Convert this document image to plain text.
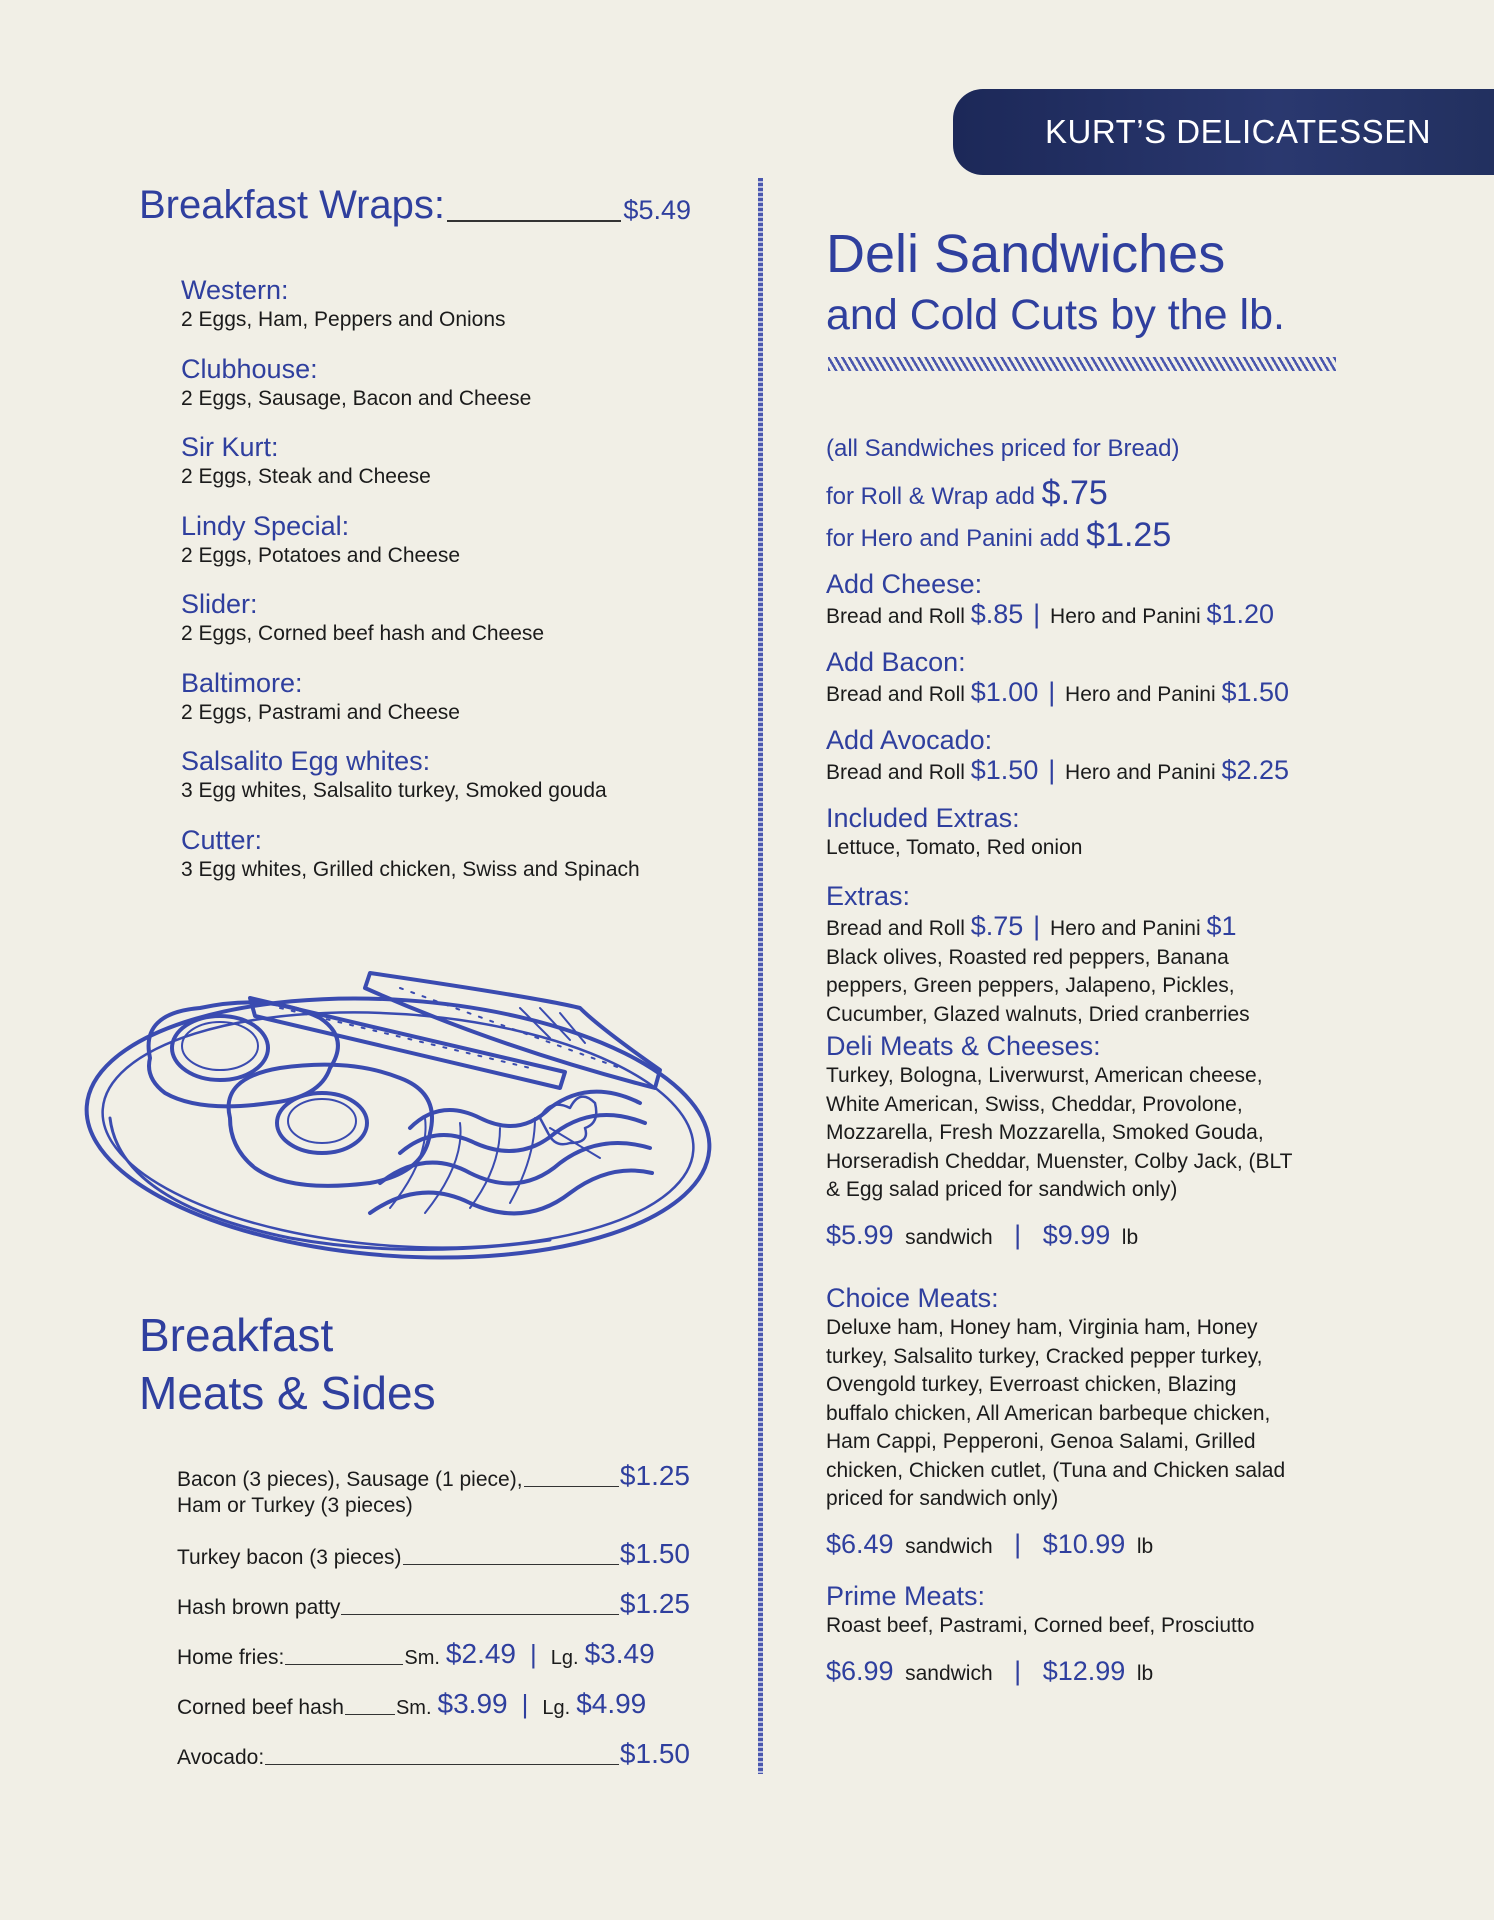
KURT’S DELICATESSEN
Breakfast Wraps:	$5.49
Western:
2 Eggs, Ham, Peppers and Onions
Clubhouse:
2 Eggs, Sausage, Bacon and Cheese
Sir Kurt:
2 Eggs, Steak and Cheese
Lindy Special:
2 Eggs, Potatoes and Cheese
Slider:
2 Eggs, Corned beef hash and Cheese
Baltimore:
2 Eggs, Pastrami and Cheese
Salsalito Egg whites:
3 Egg whites, Salsalito turkey, Smoked gouda
Cutter:
3 Egg whites, Grilled chicken, Swiss and Spinach
Breakfast
Meats & Sides
Bacon (3 pieces), Sausage (1 piece),	$1.25
Ham or Turkey (3 pieces)
Turkey bacon (3 pieces)	$1.50
Hash brown patty	$1.25
Home fries:	Sm. $2.49 | Lg. $3.49
Corned beef hash	Sm. $3.99 | Lg. $4.99
Avocado:	$1.50
Deli Sandwiches
and Cold Cuts by the lb.
(all Sandwiches priced for Bread)
for Roll & Wrap add $.75
for Hero and Panini add $1.25
Add Cheese:
Bread and Roll $.85 | Hero and Panini $1.20
Add Bacon:
Bread and Roll $1.00 | Hero and Panini $1.50
Add Avocado:
Bread and Roll $1.50 | Hero and Panini $2.25
Included Extras:
Lettuce, Tomato, Red onion
Extras:
Bread and Roll $.75 | Hero and Panini $1
Black olives, Roasted red peppers, Banana
peppers, Green peppers, Jalapeno, Pickles,
Cucumber, Glazed walnuts, Dried cranberries
Deli Meats & Cheeses:
Turkey, Bologna, Liverwurst, American cheese,
White American, Swiss, Cheddar, Provolone,
Mozzarella, Fresh Mozzarella, Smoked Gouda,
Horseradish Cheddar, Muenster, Colby Jack, (BLT
& Egg salad priced for sandwich only)
$5.99 sandwich | $9.99 lb
Choice Meats:
Deluxe ham, Honey ham, Virginia ham, Honey
turkey, Salsalito turkey, Cracked pepper turkey,
Ovengold turkey, Everroast chicken, Blazing
buffalo chicken, All American barbeque chicken,
Ham Cappi, Pepperoni, Genoa Salami, Grilled
chicken, Chicken cutlet, (Tuna and Chicken salad
priced for sandwich only)
$6.49 sandwich | $10.99 lb
Prime Meats:
Roast beef, Pastrami, Corned beef, Prosciutto
$6.99 sandwich | $12.99 lb
